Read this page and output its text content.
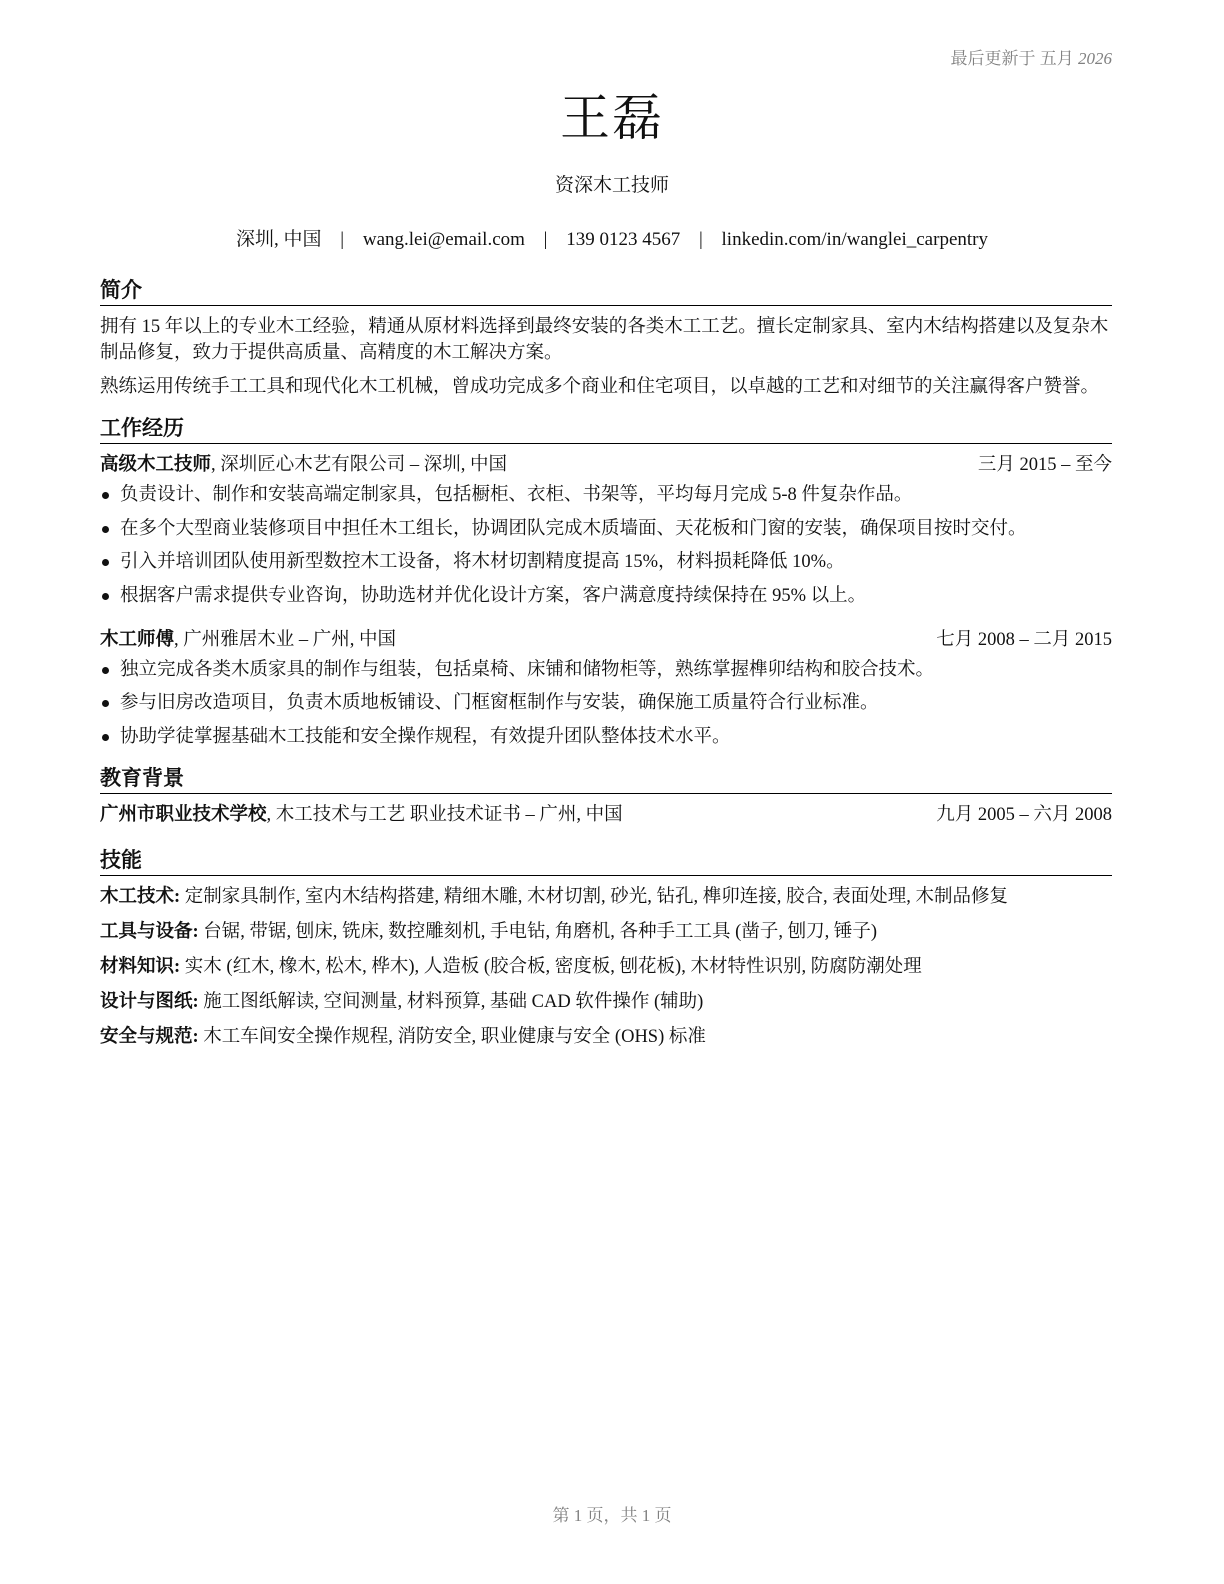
最后更新于 五月 2026
王磊
资深木工技师
深圳, 中国 | wang.lei@email.com | 139 0123 4567 | linkedin.com/in/wanglei_carpentry
简介

拥有 15 年以上的专业木工经验，精通从原材料选择到最终安装的各类木工工艺。擅长定制家具、室内木结构搭建以及复杂木制品修复，致力于提供高质量、高精度的木工解决方案。

熟练运用传统手工工具和现代化木工机械，曾成功完成多个商业和住宅项目，以卓越的工艺和对细节的关注赢得客户赞誉。

工作经历
高级木工技师, 深圳匠心木艺有限公司 – 深圳, 中国	三月 2015 – 至今
负责设计、制作和安装高端定制家具，包括橱柜、衣柜、书架等，平均每月完成 5-8 件复杂作品。
在多个大型商业装修项目中担任木工组长，协调团队完成木质墙面、天花板和门窗的安装，确保项目按时交付。
引入并培训团队使用新型数控木工设备，将木材切割精度提高 15%，材料损耗降低 10%。
根据客户需求提供专业咨询，协助选材并优化设计方案，客户满意度持续保持在 95% 以上。
木工师傅, 广州雅居木业 – 广州, 中国	七月 2008 – 二月 2015
独立完成各类木质家具的制作与组装，包括桌椅、床铺和储物柜等，熟练掌握榫卯结构和胶合技术。
参与旧房改造项目，负责木质地板铺设、门框窗框制作与安装，确保施工质量符合行业标准。
协助学徒掌握基础木工技能和安全操作规程，有效提升团队整体技术水平。
教育背景
广州市职业技术学校, 木工技术与工艺 职业技术证书 – 广州, 中国	九月 2005 – 六月 2008
技能
木工技术: 定制家具制作, 室内木结构搭建, 精细木雕, 木材切割, 砂光, 钻孔, 榫卯连接, 胶合, 表面处理, 木制品修复
工具与设备: 台锯, 带锯, 刨床, 铣床, 数控雕刻机, 手电钻, 角磨机, 各种手工工具 (凿子, 刨刀, 锤子)
材料知识: 实木 (红木, 橡木, 松木, 桦木), 人造板 (胶合板, 密度板, 刨花板), 木材特性识别, 防腐防潮处理
设计与图纸: 施工图纸解读, 空间测量, 材料预算, 基础 CAD 软件操作 (辅助)
安全与规范: 木工车间安全操作规程, 消防安全, 职业健康与安全 (OHS) 标准
第 1 页，共 1 页
